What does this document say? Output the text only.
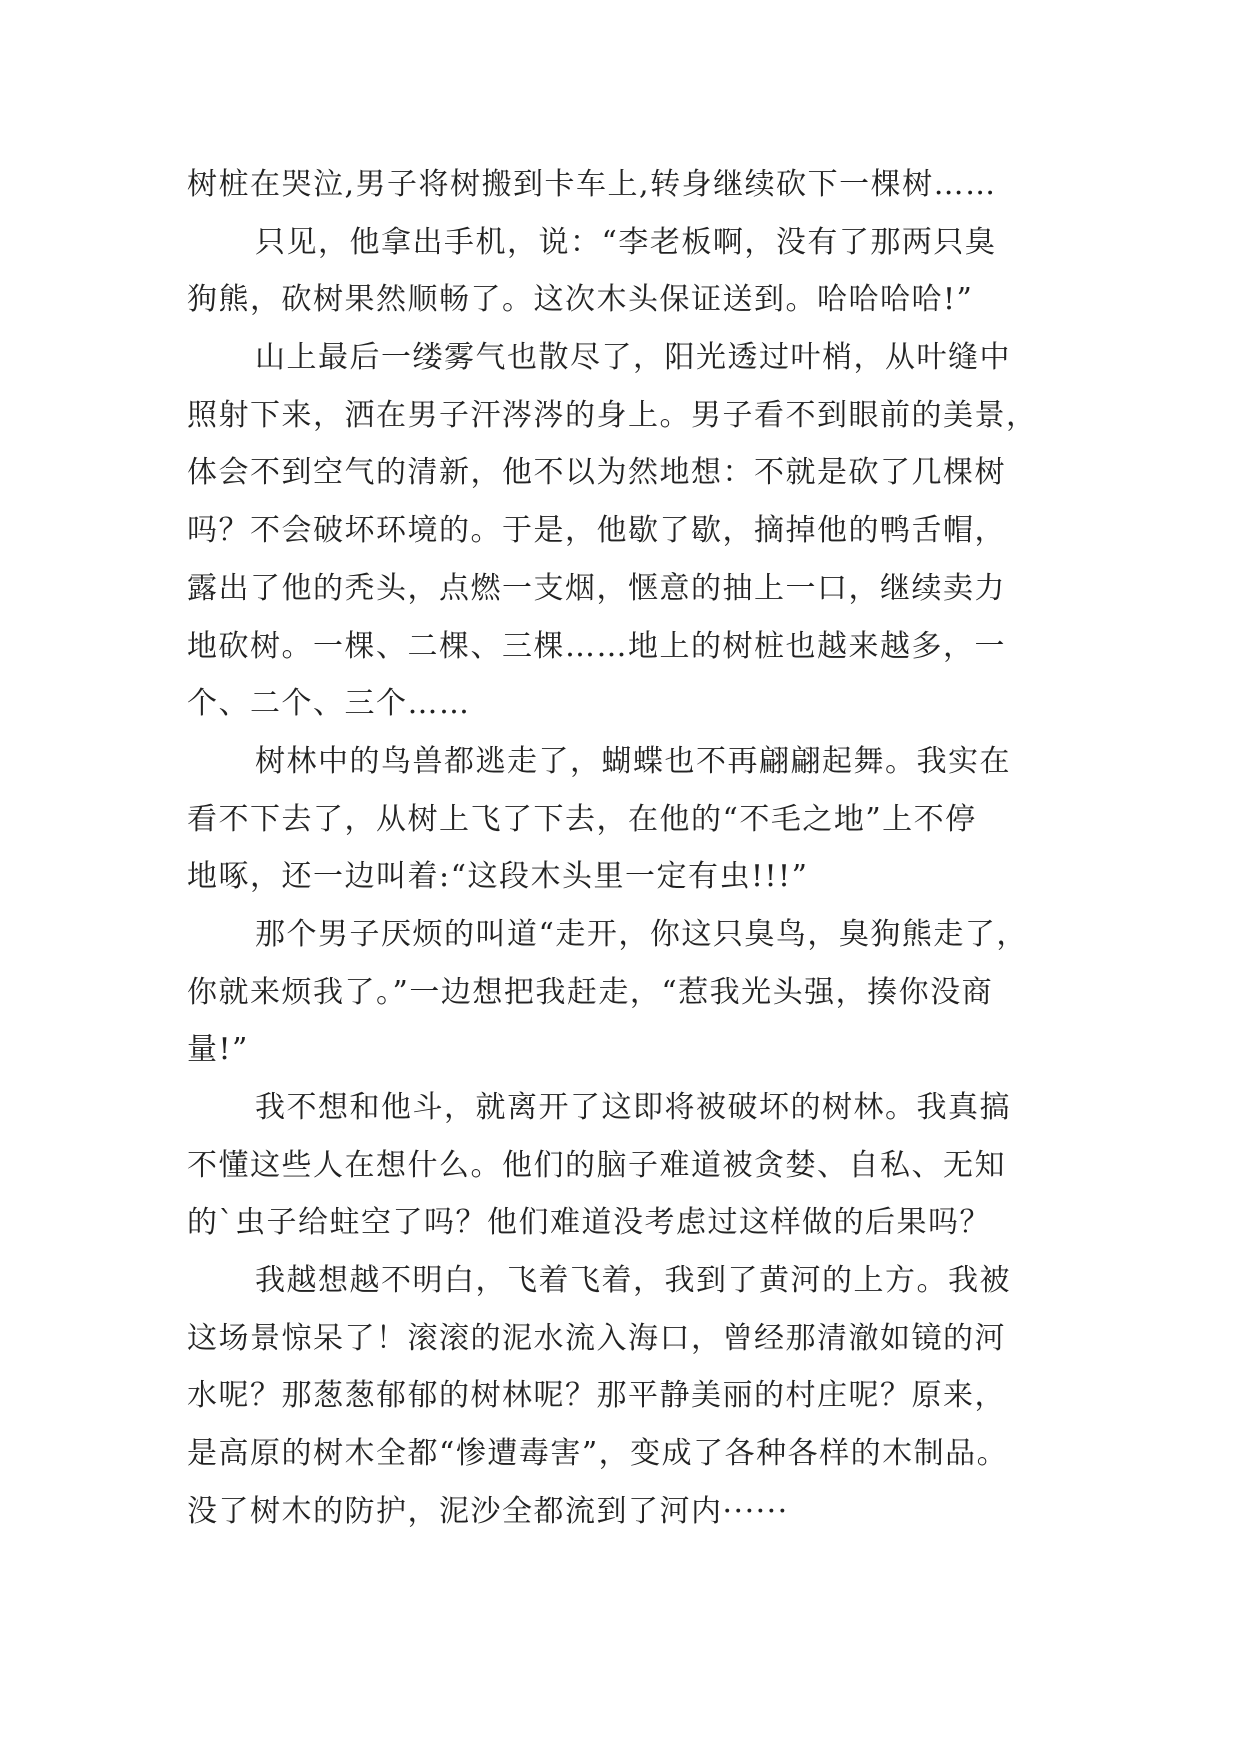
树桩在哭泣,男子将树搬到卡车上,转身继续砍下一棵树……
只见，他拿出手机，说：“李老板啊，没有了那两只臭
狗熊，砍树果然顺畅了。这次木头保证送到。哈哈哈哈!”
山上最后一缕雾气也散尽了，阳光透过叶梢，从叶缝中
照射下来，洒在男子汗涔涔的身上。男子看不到眼前的美景，
体会不到空气的清新，他不以为然地想：不就是砍了几棵树
吗？不会破坏环境的。于是，他歇了歇，摘掉他的鸭舌帽，
露出了他的秃头，点燃一支烟，惬意的抽上一口，继续卖力
地砍树。一棵、二棵、三棵……地上的树桩也越来越多，一
个、二个、三个……
树林中的鸟兽都逃走了，蝴蝶也不再翩翩起舞。我实在
看不下去了，从树上飞了下去，在他的“不毛之地”上不停
地啄，还一边叫着:“这段木头里一定有虫!!!”
那个男子厌烦的叫道“走开，你这只臭鸟，臭狗熊走了，
你就来烦我了。”一边想把我赶走，“惹我光头强，揍你没商
量!”
我不想和他斗，就离开了这即将被破坏的树林。我真搞
不懂这些人在想什么。他们的脑子难道被贪婪、自私、无知
的`虫子给蛀空了吗？他们难道没考虑过这样做的后果吗？
我越想越不明白，飞着飞着，我到了黄河的上方。我被
这场景惊呆了！滚滚的泥水流入海口，曾经那清澈如镜的河
水呢？那葱葱郁郁的树林呢？那平静美丽的村庄呢？原来，
是高原的树木全都“惨遭毒害”，变成了各种各样的木制品。
没了树木的防护，泥沙全都流到了河内······
